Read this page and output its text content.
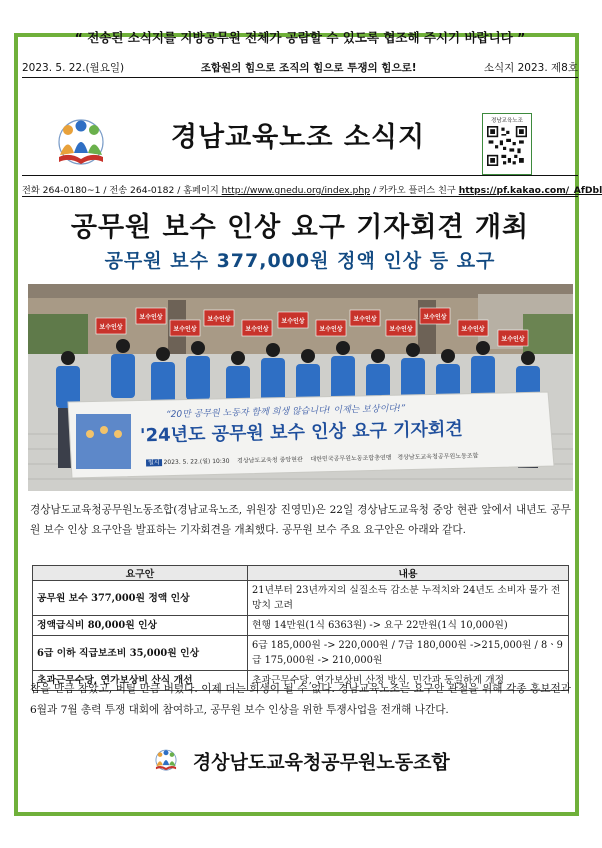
“ 전송된 소식지를 지방공무원 전체가 공람할 수 있도록 협조해 주시기 바랍니다 ”
2023. 5. 22.(월요일)	조합원의 힘으로 조직의 힘으로 투쟁의 힘으로!	소식지 2023. 제8호
경남교육노조 소식지
경남교육노조
전화 264-0180~1 / 전송 264-0182 / 홈페이지 http://www.gnedu.org/index.php / 카카오 플러스 친구 https://pf.kakao.com/_AfDbl
공무원 보수 인상 요구 기자회견 개최
공무원 보수 377,000원 정액 인상 등 요구
보수인상
보수인상
보수인상
보수인상
보수인상
보수인상
보수인상
보수인상
보수인상
보수인상
보수인상
보수인상
“20만 공무원 노동자 함께 희생 않습니다! 이제는 보상이다!”
'24년도 공무원 보수 인상 요구 기자회견
일시 2023. 5. 22.(월) 10:30 경상남도교육청 중앙현관 대한민국공무원노동조합총연맹 경상남도교육청공무원노동조합
경상남도교육청공무원노동조합(경남교육노조, 위원장 진영민)은 22일 경상남도교육청 중앙 현관 앞에서 내년도 공무원 보수 인상 요구안을 발표하는 기자회견을 개최했다. 공무원 보수 주요 요구안은 아래와 같다.
요구안	내용
공무원 보수 377,000원 정액 인상	21년부터 23년까지의 실질소득 감소분 누적치와 24년도 소비자 물가 전망치 고려
정액급식비 80,000원 인상	현행 14만원(1식 6363원) -> 요구 22만원(1식 10,000원)
6급 이하 직급보조비 35,000원 인상	6급 185,000원 -> 220,000원 / 7급 180,000원 ->215,000원 / 8ㆍ9급 175,000원 -> 210,000원
초과근무수당, 연가보상비 산식 개선	초과근무수당, 연가보상비 산정 방식, 민간과 동일하게 개정
참을 만큼 참았고, 버틸 만큼 버텼다. 이제 더는 희생이 될 수 없다. 경남교육노조는 요구안 관철을 위해 각종 홍보전과 6월과 7월 총력 투쟁 대회에 참여하고, 공무원 보수 인상을 위한 투쟁사업을 전개해 나간다.
경상남도교육청공무원노동조합
